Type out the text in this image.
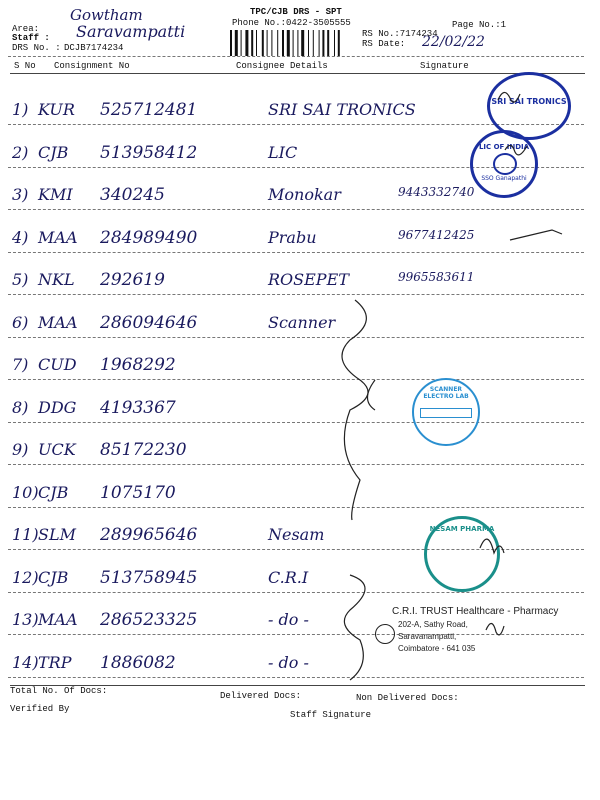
Area:
Gowtham
Staff : Saravampatti
DRS No. : DCJB7174234
TPC/CJB DRS - SPT
Phone No.:0422-3505555
RS No.:7174234
RS Date: 22/02/22
Page No.:1
S No Consignment No	Consignee Details	Signature
1) KUR 525712481	SRI SAI TRONICS
2) CJB 513958412	LIC
3) KMI 340245	Monokar	9443332740
4) MAA 284989490	Prabu	9677412425
5) NKL 292619	ROSEPET	9965583611
6) MAA 286094646	Scanner
7) CUD 1968292
8) DDG 4193367
9) UCK 85172230
10) CJB 1075170
11) SLM 289965646	Nesam
12) CJB 513758945	C.R.I
13) MAA 286523325	- do -
14) TRP 1886082	- do -
SRI SAI TRONICS
LIC OF INDIA
SSO Ganapathi
SCANNER ELECTRO LAB
NESAM PHARMA
C.R.I. TRUST Healthcare - Pharmacy
202-A, Sathy Road,
Saravanampatti,
Coimbatore - 641 035
Total No. Of Docs:	Delivered Docs:	Non Delivered Docs:
Verified By
Staff Signature
